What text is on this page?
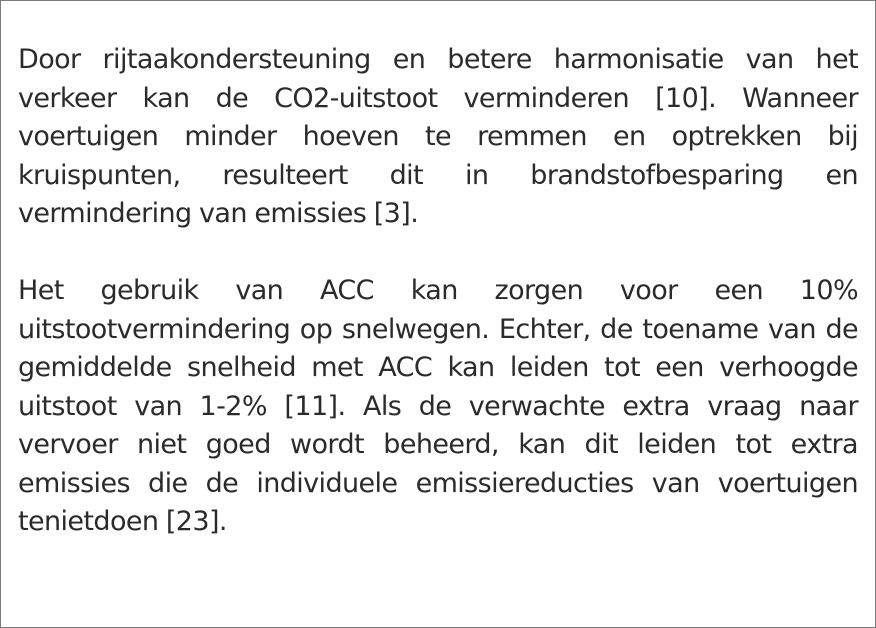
Door rijtaakondersteuning en betere harmonisatie van het verkeer kan de CO2-uitstoot verminderen [10]. Wanneer voertuigen minder hoeven te remmen en optrekken bij kruispunten, resulteert dit in brandstofbesparing en vermindering van emissies [3].

Het gebruik van ACC kan zorgen voor een 10% uitstootvermindering op snelwegen. Echter, de toename van de gemiddelde snelheid met ACC kan leiden tot een verhoogde uitstoot van 1-2% [11]. Als de verwachte extra vraag naar vervoer niet goed wordt beheerd, kan dit leiden tot extra emissies die de individuele emissiereducties van voertuigen tenietdoen [23].
